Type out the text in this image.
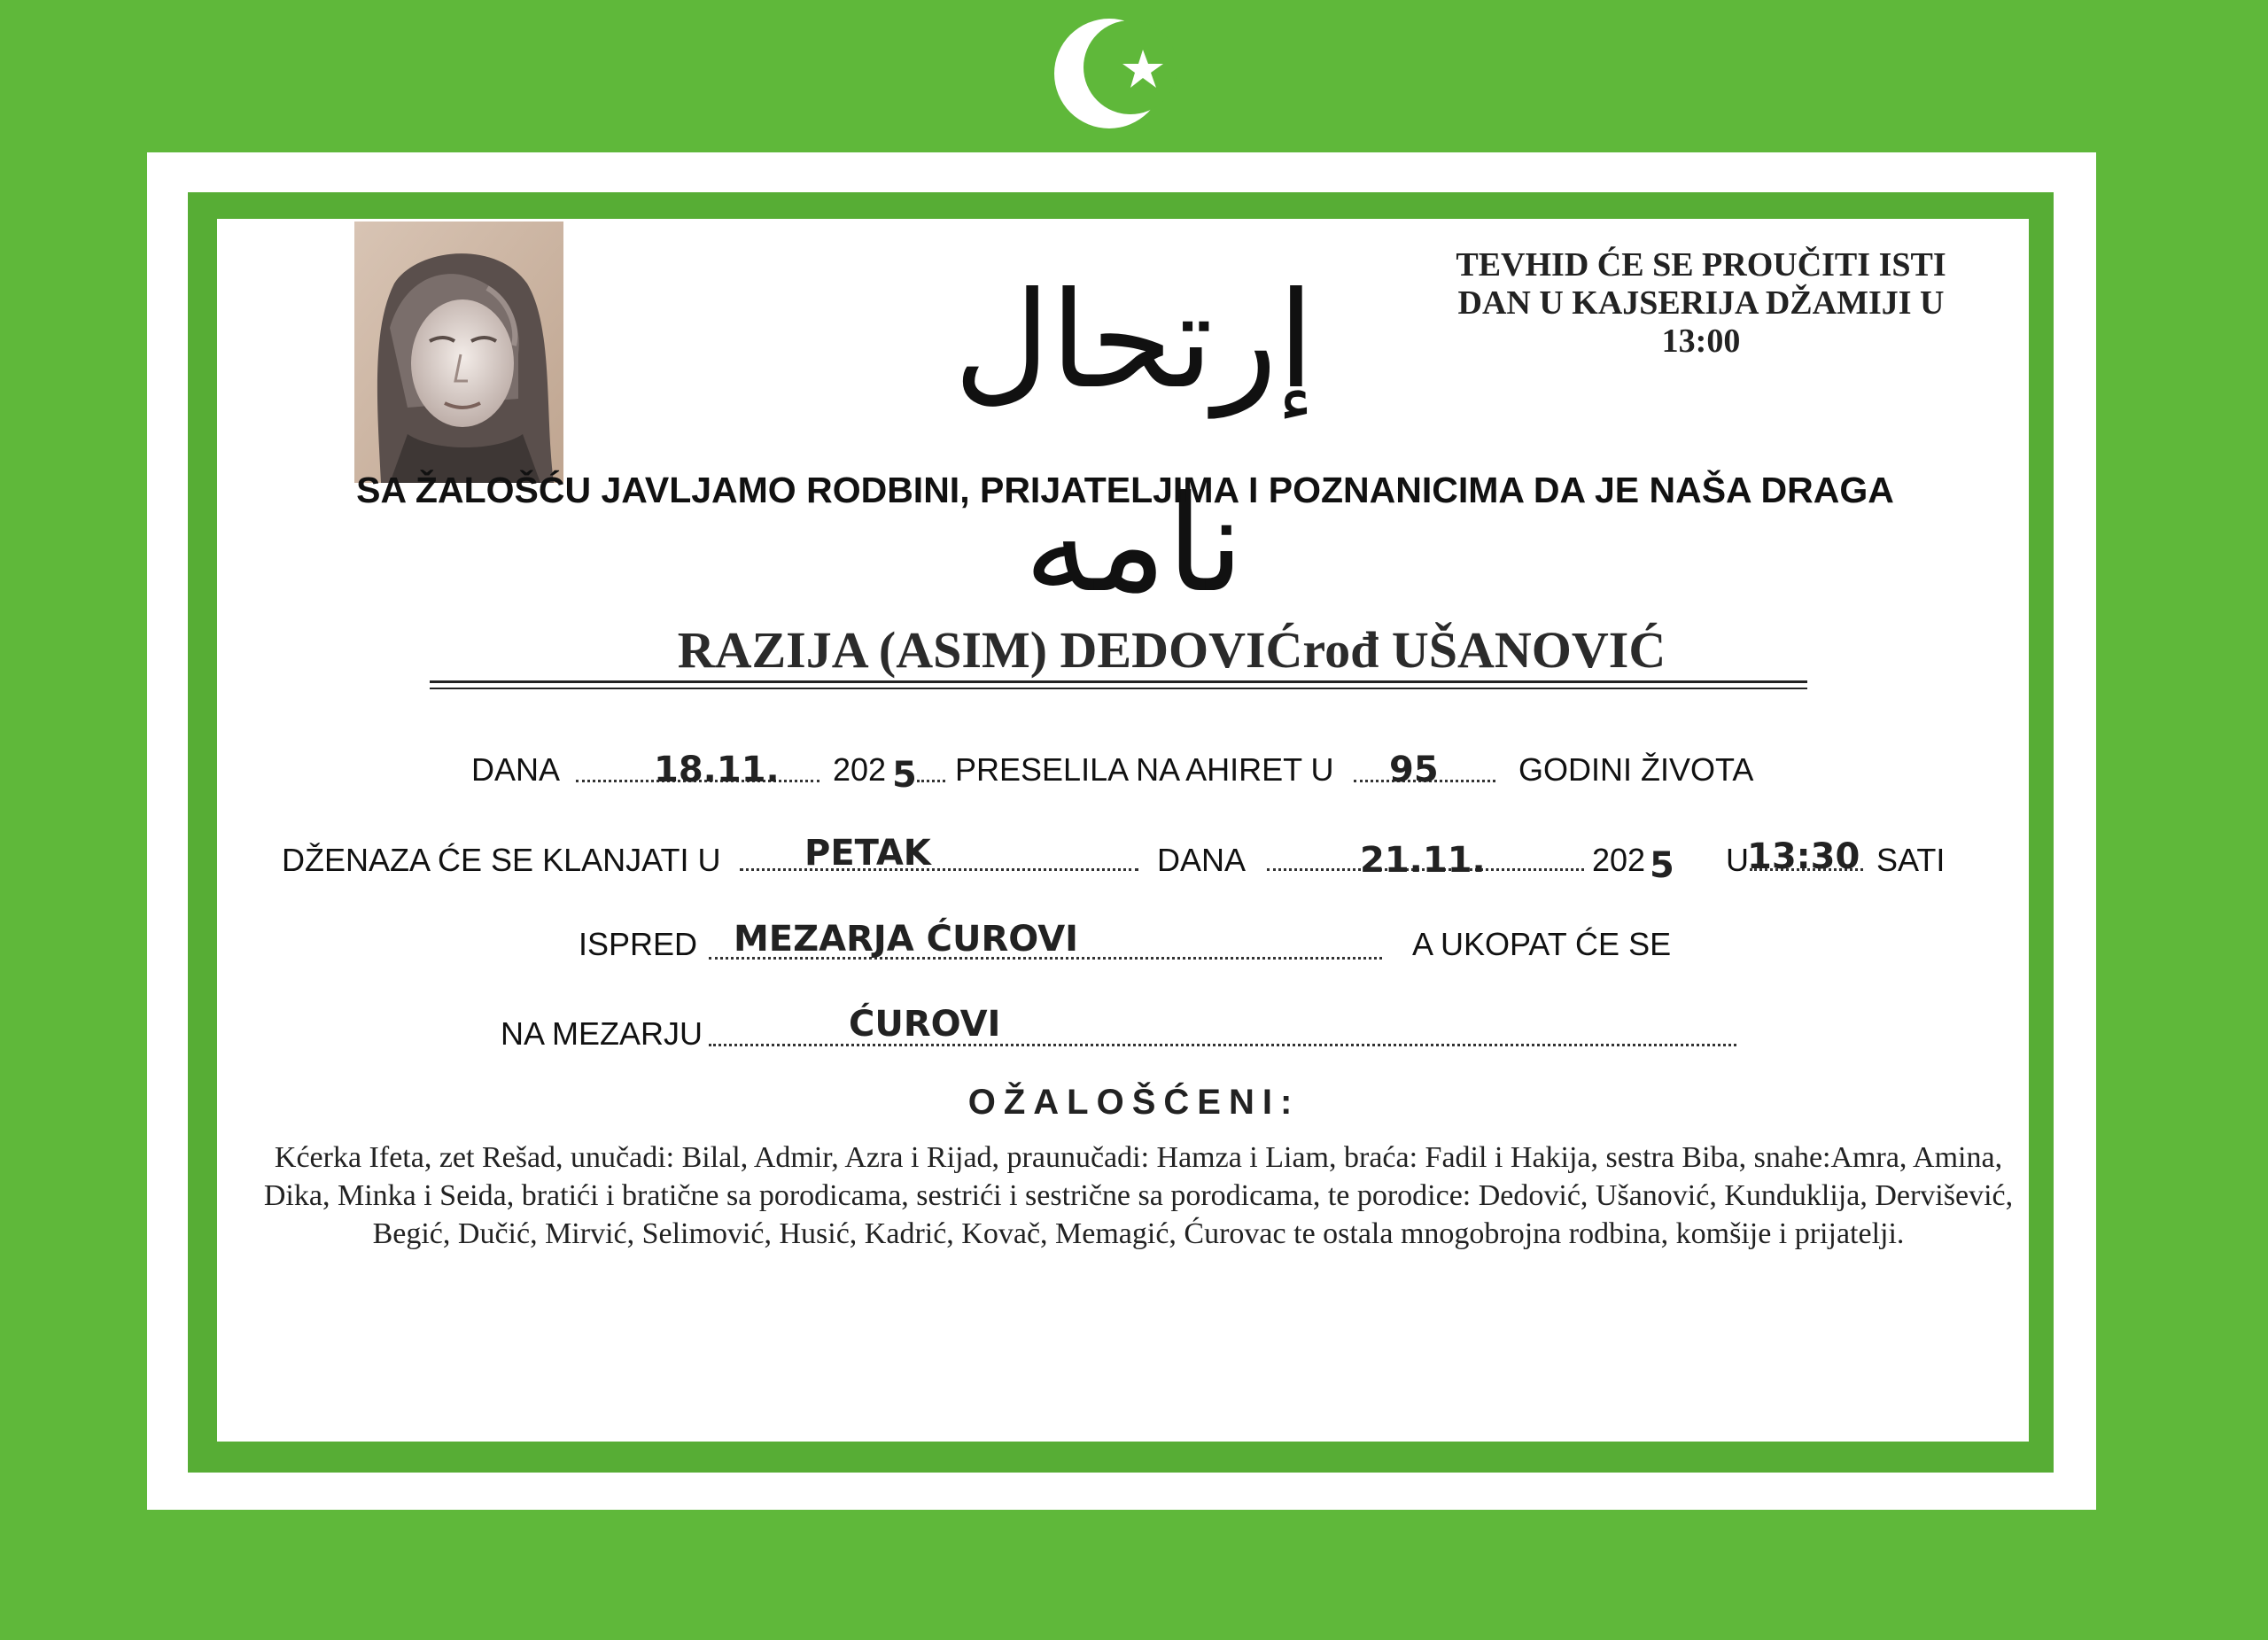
إرتحال نامه
TEVHID ĆE SE PROUČITI ISTI
DAN U KAJSERIJA DŽAMIJI U
13:00
SA ŽALOŠĆU JAVLJAMO RODBINI, PRIJATELJIMA I POZNANICIMA DA JE NAŠA DRAGA
RAZIJA (ASIM) DEDOVIĆrođ UŠANOVIĆ
DANA	18.11. 202 5 PRESELILA NA AHIRET U 95	GODINI ŽIVOTA
DŽENAZA ĆE SE KLANJATI U PETAK	DANA	21.11.	202 5 U
13:30 SATI
ISPRED MEZARJA ĆUROVI	A UKOPAT ĆE SE
NA MEZARJU	ĆUROVI
OŽALOŠĆENI:
Kćerka Ifeta, zet Rešad, unučadi: Bilal, Admir, Azra i Rijad, praunučadi: Hamza i Liam, braća: Fadil i Hakija, sestra Biba, snahe:Amra, Amina, Dika, Minka i Seida, bratići i bratične sa porodicama, sestrići i sestrične sa porodicama, te porodice: Dedović, Ušanović, Kunduklija, Dervišević, Begić, Dučić, Mirvić, Selimović, Husić, Kadrić, Kovač, Memagić, Ćurovac te ostala mnogobrojna rodbina, komšije i prijatelji.
